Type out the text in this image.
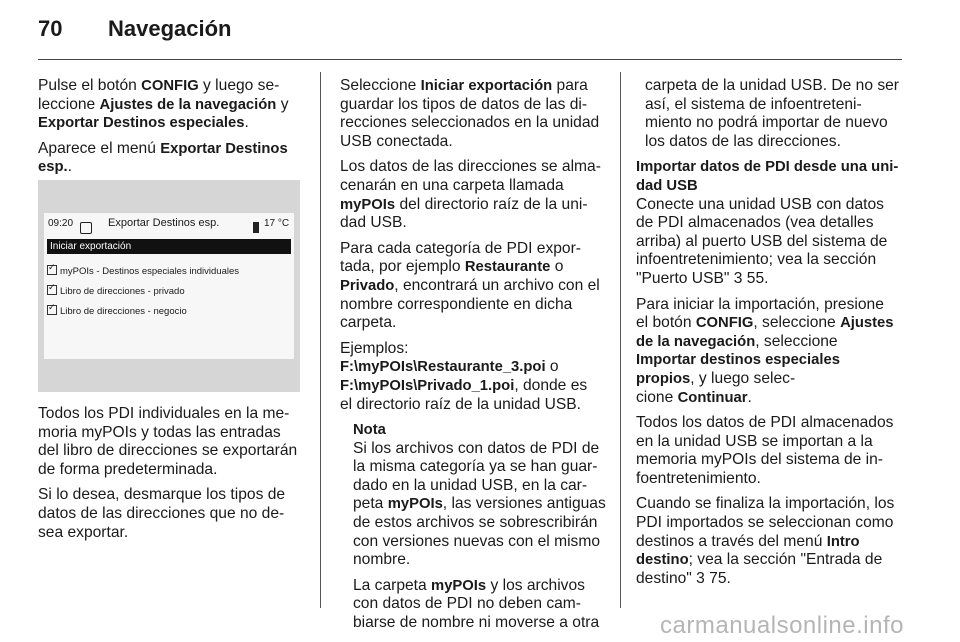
70 Navegación

Pulse el botón CONFIG y luego se-
leccione Ajustes de la navegación y
Exportar Destinos especiales.

Aparece el menú Exportar Destinos
esp..

09:20	Exportar Destinos esp.	17 °C
Iniciar exportación
✓myPOIs - Destinos especiales individuales
✓Libro de direcciones - privado
✓Libro de direcciones - negocio

Todos los PDI individuales en la me-
moria myPOIs y todas las entradas
del libro de direcciones se exportarán
de forma predeterminada.

Si lo desea, desmarque los tipos de
datos de las direcciones que no de-
sea exportar.

Seleccione Iniciar exportación para
guardar los tipos de datos de las di-
recciones seleccionados en la unidad
USB conectada.

Los datos de las direcciones se alma-
cenarán en una carpeta llamada
myPOIs del directorio raíz de la uni-
dad USB.

Para cada categoría de PDI expor-
tada, por ejemplo Restaurante o
Privado, encontrará un archivo con el
nombre correspondiente en dicha
carpeta.

Ejemplos:
F:\myPOIs\Restaurante_3.poi o
F:\myPOIs\Privado_1.poi, donde es
el directorio raíz de la unidad USB.

Nota

Si los archivos con datos de PDI de
la misma categoría ya se han guar-
dado en la unidad USB, en la car-
peta myPOIs, las versiones antiguas
de estos archivos se sobrescribirán
con versiones nuevas con el mismo
nombre.

La carpeta myPOIs y los archivos
con datos de PDI no deben cam-
biarse de nombre ni moverse a otra

carpeta de la unidad USB. De no ser
así, el sistema de infoentreteni-
miento no podrá importar de nuevo
los datos de las direcciones.

Importar datos de PDI desde una uni-
dad USB

Conecte una unidad USB con datos
de PDI almacenados (vea detalles
arriba) al puerto USB del sistema de
infoentretenimiento; vea la sección
"Puerto USB" 3 55.

Para iniciar la importación, presione
el botón CONFIG, seleccione Ajustes
de la navegación, seleccione
Importar destinos especiales
propios, y luego selec-
cione Continuar.

Todos los datos de PDI almacenados
en la unidad USB se importan a la
memoria myPOIs del sistema de in-
foentretenimiento.

Cuando se finaliza la importación, los
PDI importados se seleccionan como
destinos a través del menú Intro
destino; vea la sección "Entrada de
destino" 3 75.

carmanualsonline.info
